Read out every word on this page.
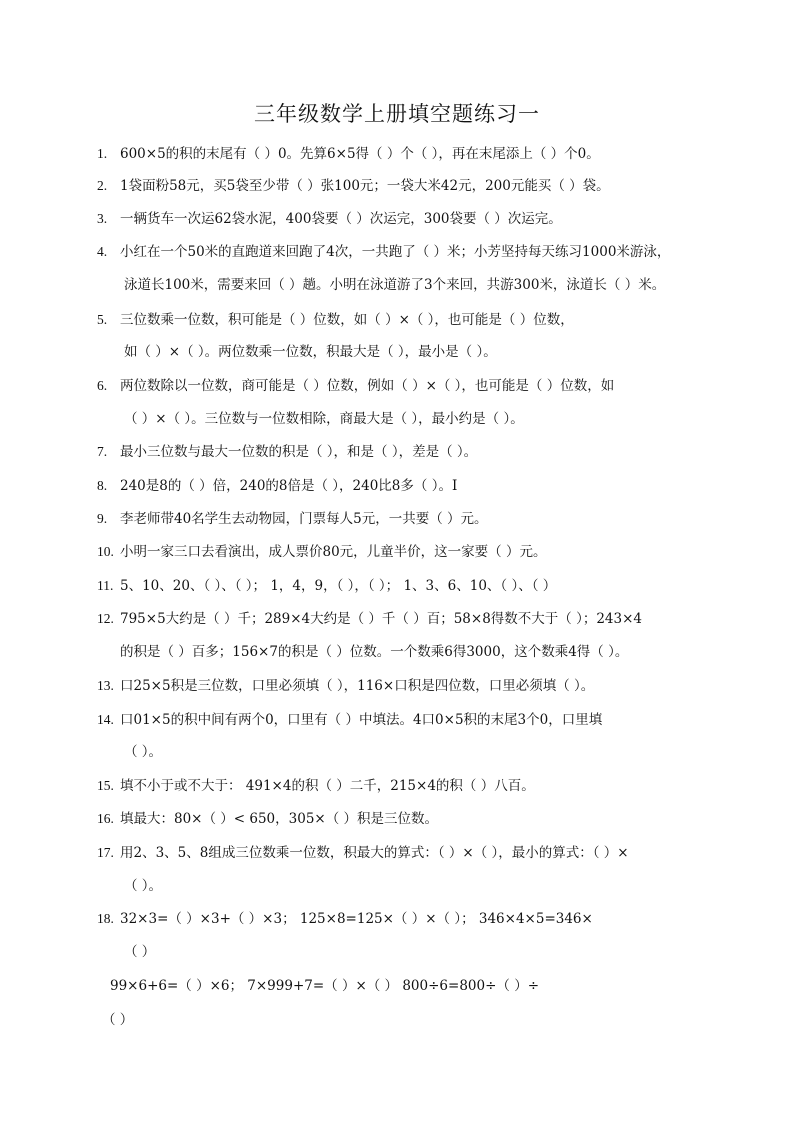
三年级数学上册填空题练习一
1. 600×5的积的末尾有（ ）0。先算6×5得（ ）个（ ），再在末尾添上（ ）个0。
2. 1袋面粉58元，买5袋至少带（ ）张100元；一袋大米42元，200元能买（ ）袋。
3. 一辆货车一次运62袋水泥，400袋要（ ）次运完，300袋要（ ）次运完。
4. 小红在一个50米的直跑道来回跑了4次，一共跑了（ ）米；小芳坚持每天练习1000米游泳，
泳道长100米，需要来回（ ）趟。小明在泳道游了3个来回，共游300米，泳道长（ ）米。
5. 三位数乘一位数，积可能是（ ）位数，如（ ）×（ ），也可能是（ ）位数，
如（ ）×（ ）。两位数乘一位数，积最大是（ ），最小是（ ）。
6. 两位数除以一位数，商可能是（ ）位数，例如（ ）×（ ），也可能是（ ）位数，如
（ ）×（ ）。三位数与一位数相除，商最大是（ ），最小约是（ ）。
7. 最小三位数与最大一位数的积是（ ），和是（ ），差是（ ）。
8. 240是8的（ ）倍，240的8倍是（ ），240比8多（ ）。I
9. 李老师带40名学生去动物园，门票每人5元，一共要（ ）元。
10. 小明一家三口去看演出，成人票价80元，儿童半价，这一家要（ ）元。
11. 5、10、20、（ ）、（ ）； 1，4，9，（ ），（ ）； 1、3、6、10、（ ）、（ ）
12. 795×5大约是（ ）千；289×4大约是（ ）千（ ）百；58×8得数不大于（ ）；243×4
的积是（ ）百多；156×7的积是（ ）位数。一个数乘6得3000，这个数乘4得（ ）。
13. 口25×5积是三位数，口里必须填（ ），116×口积是四位数，口里必须填（ ）。
14. 口01×5的积中间有两个0，口里有（ ）中填法。4口0×5积的末尾3个0，口里填
（ ）。
15. 填不小于或不大于： 491×4的积（ ）二千，215×4的积（ ）八百。
16. 填最大：80×（ ）< 650，305×（ ）积是三位数。
17. 用2、3、5、8组成三位数乘一位数，积最大的算式：（ ）×（ ），最小的算式：（ ）×
（ ）。
18. 32×3=（ ）×3+（ ）×3； 125×8=125×（ ）×（ ）； 346×4×5=346×
（ ）
99×6+6=（ ）×6； 7×999+7=（ ）×（ ） 800÷6=800÷（ ）÷
（ ）
